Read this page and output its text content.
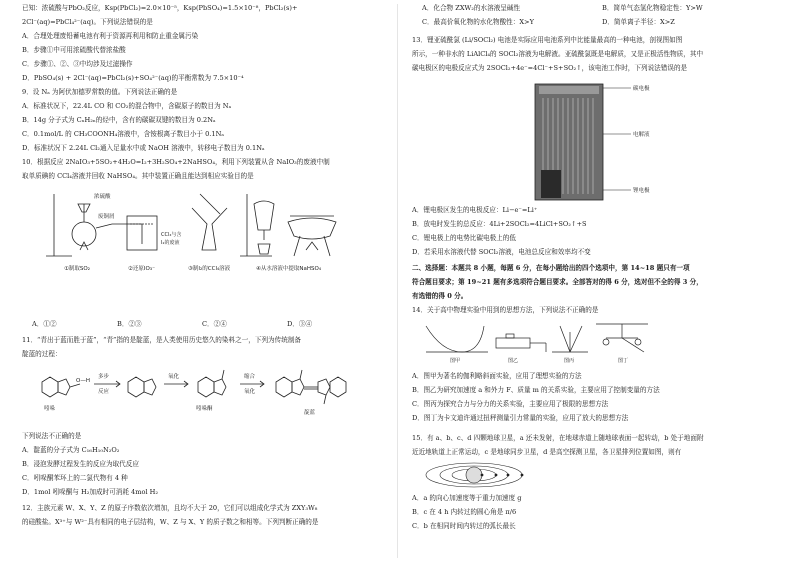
已知：浓硫酸与PbO₂反应，Ksp(PbCl₂)=2.0×10⁻⁵，Ksp(PbSO₄)=1.5×10⁻⁸，PbCl₂(s)+
2Cl⁻(aq)=PbCl₄²⁻(aq)。下列说法错误的是
A．合理处理废铅蓄电池有利于资源再利用和防止重金属污染
B．步骤①中可用浓硫酸代替浓盐酸
C．步骤①、②、③中均涉及过滤操作
D．PbSO₄(s) + 2Cl⁻(aq)=PbCl₂(s)+SO₄²⁻(aq)的平衡常数为 7.5×10⁻⁴
9．设 Nₐ 为阿伏加德罗常数的值。下列说法正确的是
A．标准状况下，22.4L CO 和 CO₂的混合物中，含碳原子的数目为 Nₐ
B．14g 分子式为 CₙH₂ₙ的烃中，含有的碳碳双键的数目为 0.2Nₐ
C．0.1mol/L 的 CH₃COONH₄溶液中，含铵根离子数目小于 0.1Nₐ
D．标准状况下 2.24L Cl₂通入足量水中或 NaOH 溶液中，转移电子数目为 0.1Nₐ
10．根据反应 2NaIO₃+5SO₂+4H₂O=I₂+3H₂SO₄+2NaHSO₄，利用下列装置从含 NaIO₃的废液中制
取单质碘的 CCl₄溶液并回收 NaHSO₄。其中装置正确且能达到相应实验目的是
浓硫酸
废铜屑
CCl₄与含
I₂的废液
①制取SO₂	②还原IO₃⁻	③制I₂的CCl₄溶液	④从水溶液中提取NaHSO₄
A．①②	B．②③	C．②④	D．③④
11．“青出于蓝而胜于蓝”，“青”指的是靛蓝，是人类使用历史悠久的染料之一，下列为传统制备
靛蓝的过程：
O—H
多步
反应
氧化	缩合
氧化
吲哚	吲哚酮
靛蓝
下列说法不正确的是
A．靛蓝的分子式为 C₁₆H₁₀N₂O₂
B．浸泡发酵过程发生的反应为取代反应
C．吲哚酮苯环上的二氯代物有 4 种
D．1mol 吲哚酮与 H₂加成时可消耗 4mol H₂
12．主族元素 W、X、Y、Z 的原子序数依次增加，且均不大于 20，它们可以组成化学式为 ZXY₃W₈
的硅酸盐。X³⁺与 W²⁻具有相同的电子层结构，W、Z 与 X、Y 的质子数之和相等。下列判断正确的是
A．化合物 ZXW₂的水溶液呈碱性	B．简单气态氢化物稳定性：Y>W
C．最高价氧化物的水化物酸性：X>Y	D．简单离子半径：X>Z
13．锂亚硫酰氯 (Li/SOCl₂) 电池是实际应用电池系列中比能量最高的一种电池，剖视图如图
所示，一种非水的 LiAlCl₄的 SOCl₂溶液为电解液。亚硫酰氯既是电解质，又是正极活性物质，其中
碳电极区的电极反应式为 2SOCl₂+4e⁻=4Cl⁻+S+SO₂↑，该电池工作时，下列说法错误的是
碳电极
电解液
锂电极
A．锂电极区发生的电极反应：Li−e⁻=Li⁺
B．放电时发生的总反应：4Li+2SOCl₂=4LiCl+SO₂↑+S
C．锂电极上的电势比碳电极上的低
D．若采用水溶液代替 SOCl₂溶液，电池总反应和效率均不变
二、选择题：本题共 8 小题，每题 6 分，在每小题给出的四个选项中，第 14~18 题只有一项
符合题目要求；第 19~21 题有多选项符合题目要求。全部答对的得 6 分，选对但不全的得 3 分，
有选错的得 0 分。
14．关于高中物理实验中用到的思想方法，下列说法不正确的是
图甲	图乙	图丙	图丁
A．图甲为著名的伽利略斜面实验，应用了理想实验的方法
B．图乙为研究加速度 a 和外力 F、质量 m 的关系实验，主要应用了控制变量的方法
C．图丙为探究合力与分力的关系实验，主要应用了极限的思想方法
D．图丁为卡文迪许通过扭秤测量引力常量的实验，应用了放大的思想方法
15．有 a、b、c、d 四颗地球卫星，a 还未发射，在地球赤道上随地球表面一起转动，b 处于地面附
近近地轨道上正常运动，c 是地球同步卫星，d 是高空探测卫星，各卫星排列位置如图，则有
A．a 的向心加速度等于重力加速度 g
B．c 在 4 h 内转过的圆心角是 π/6
C．b 在相同时间内转过的弧长最长
